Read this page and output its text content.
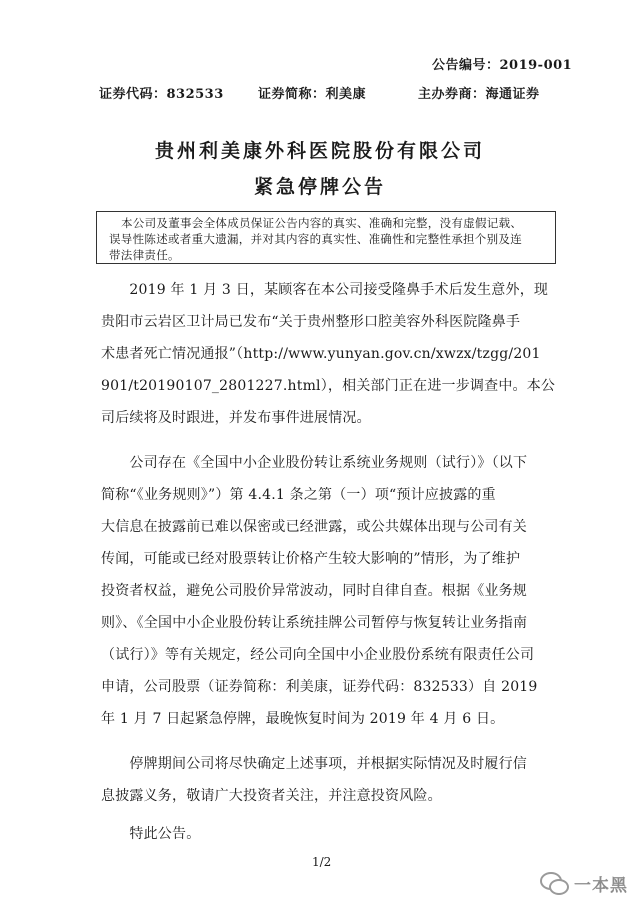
公告编号：2019-001
证券代码：832533	证券简称：利美康	主办券商：海通证券
贵州利美康外科医院股份有限公司
紧急停牌公告
本公司及董事会全体成员保证公告内容的真实、准确和完整，没有虚假记载、
误导性陈述或者重大遗漏，并对其内容的真实性、准确性和完整性承担个别及连
带法律责任。
　　2019 年 1 月 3 日，某顾客在本公司接受隆鼻手术后发生意外，现
贵阳市云岩区卫计局已发布“关于贵州整形口腔美容外科医院隆鼻手
术患者死亡情况通报”（http://www.yunyan.gov.cn/xwzx/tzgg/201
901/t20190107_2801227.html），相关部门正在进一步调查中。本公
司后续将及时跟进，并发布事件进展情况。
　　公司存在《全国中小企业股份转让系统业务规则（试行）》（以下
简称“《业务规则》”）第 4.4.1 条之第（一）项“预计应披露的重
大信息在披露前已难以保密或已经泄露，或公共媒体出现与公司有关
传闻，可能或已经对股票转让价格产生较大影响的”情形，为了维护
投资者权益，避免公司股价异常波动，同时自律自查。根据《业务规
则》、《全国中小企业股份转让系统挂牌公司暂停与恢复转让业务指南
（试行）》等有关规定，经公司向全国中小企业股份系统有限责任公司
申请，公司股票（证券简称：利美康，证券代码：832533）自 2019
年 1 月 7 日起紧急停牌，最晚恢复时间为 2019 年 4 月 6 日。
　　停牌期间公司将尽快确定上述事项，并根据实际情况及时履行信
息披露义务，敬请广大投资者关注，并注意投资风险。
　　特此公告。
1/2
一本黑
